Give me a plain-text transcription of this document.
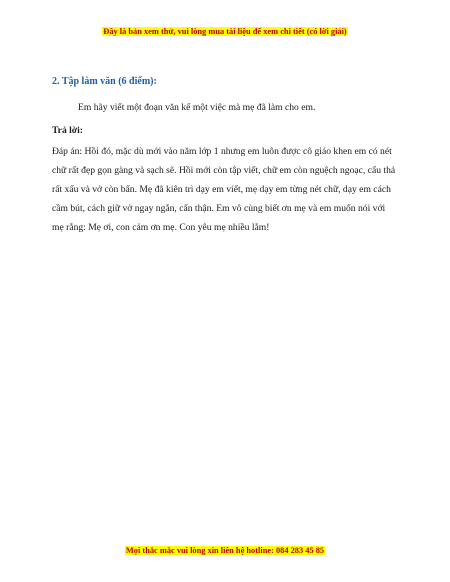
Đây là bản xem thử, vui lòng mua tài liệu để xem chi tiết (có lời giải)
2. Tập làm văn (6 điểm):

Em hãy viết một đoạn văn kể một việc mà mẹ đã làm cho em.

Trả lời:

Đáp án: Hồi đó, mặc dù mới vào năm lớp 1 nhưng em luôn được cô giáo khen em có nét chữ rất đẹp gọn gàng và sạch sẽ. Hồi mới còn tập viết, chữ em còn nguệch ngoạc, cẩu thả rất xấu và vở còn bẩn. Mẹ đã kiên trì dạy em viết, mẹ dạy em từng nét chữ, dạy em cách cầm bút, cách giữ vở ngay ngắn, cẩn thận. Em vô cùng biết ơn mẹ và em muốn nói với mẹ rằng: Mẹ ơi, con cảm ơn mẹ. Con yêu mẹ nhiều lắm!

Mọi thắc mắc vui lòng xin liên hệ hotline: 084 283 45 85
